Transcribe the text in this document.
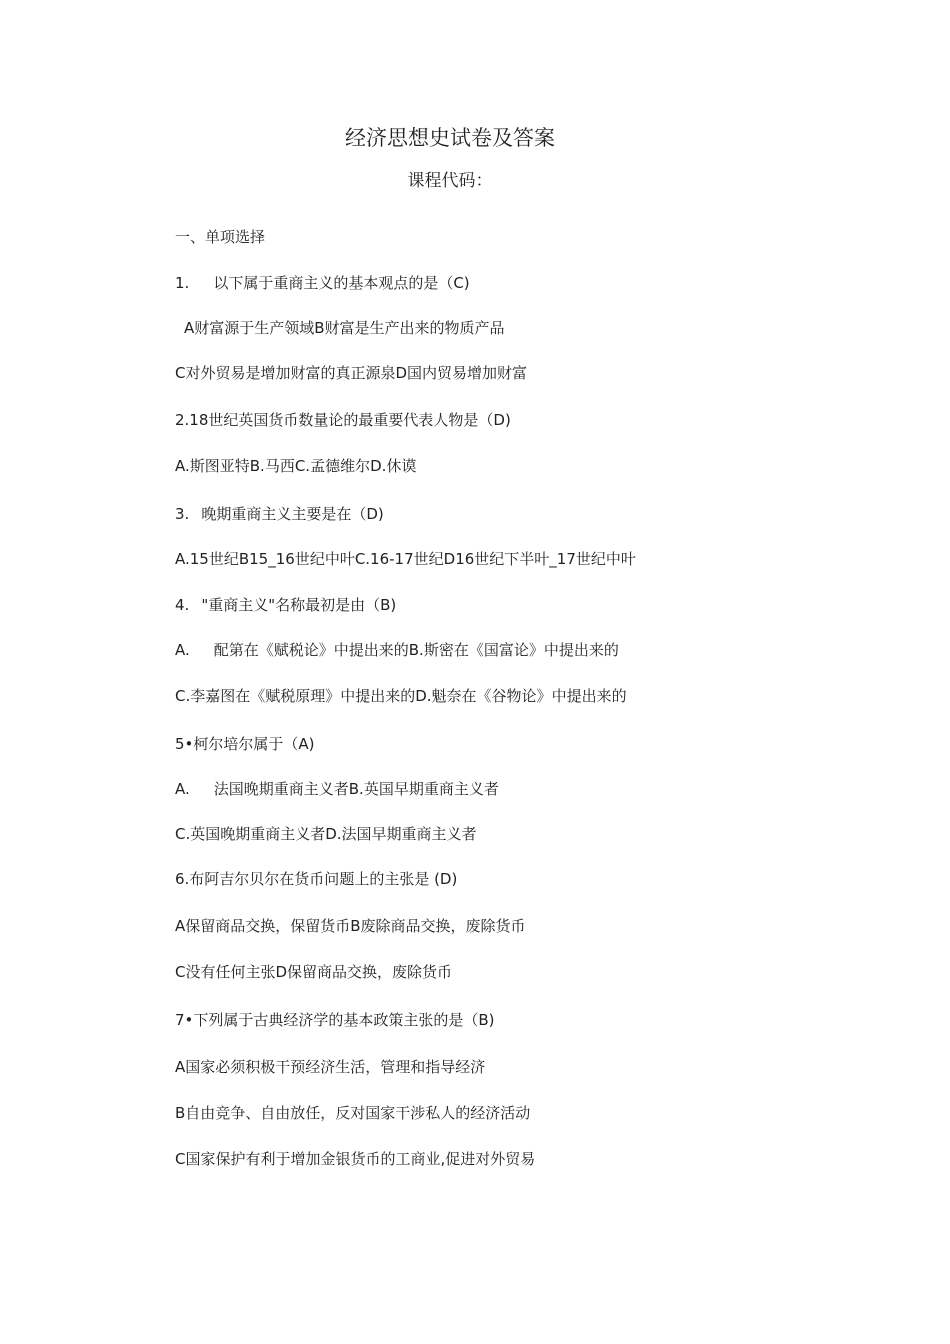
经济思想史试卷及答案
课程代码：
一、单项选择
1. 以下属于重商主义的基本观点的是（C)
A财富源于生产领域B财富是生产出来的物质产品
C对外贸易是增加财富的真正源泉D国内贸易增加财富
2.18世纪英国货币数量论的最重要代表人物是（D)
A.斯图亚特B.马西C.孟德维尔D.休谟
3. 晚期重商主义主要是在（D)
A.15世纪B15_16世纪中叶C.16-17世纪D16世纪下半叶_17世纪中叶
4. "重商主义"名称最初是由（B)
A. 配第在《赋税论》中提出来的B.斯密在《国富论》中提出来的
C.李嘉图在《赋税原理》中提出来的D.魁奈在《谷物论》中提出来的
5•柯尔培尔属于（A)
A. 法国晚期重商主义者B.英国早期重商主义者
C.英国晚期重商主义者D.法国早期重商主义者
6.布阿吉尔贝尔在货币问题上的主张是 (D)
A保留商品交换，保留货币B废除商品交换，废除货币
C没有任何主张D保留商品交换，废除货币
7•下列属于古典经济学的基本政策主张的是（B)
A国家必须积极干预经济生活，管理和指导经济
B自由竞争、自由放任，反对国家干涉私人的经济活动
C国家保护有利于增加金银货币的工商业,促进对外贸易
